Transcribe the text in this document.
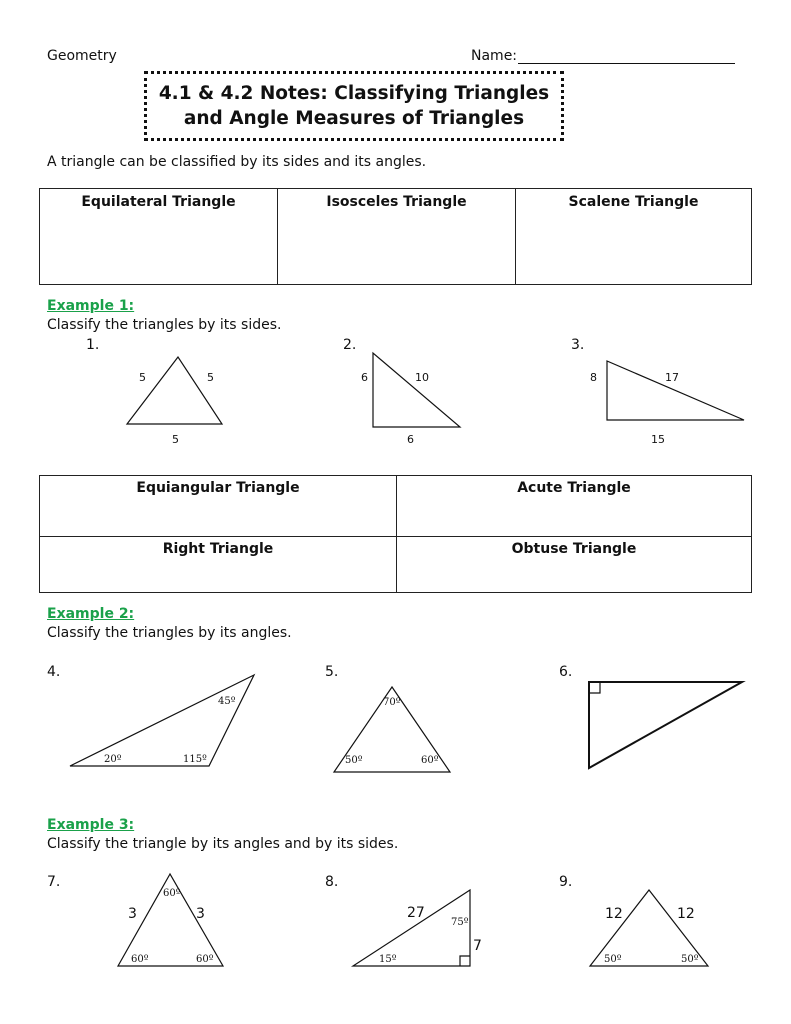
Geometry	Name:
4.1 & 4.2 Notes: Classifying Triangles
and Angle Measures of Triangles
A triangle can be classified by its sides and its angles.
Equilateral Triangle	Isosceles Triangle	Scalene Triangle
Example 1:
Classify the triangles by its sides.
1.	2.	3.
5	5
5
6	10
6
8	17
15
Equiangular Triangle	Acute Triangle
Right Triangle	Obtuse Triangle
Example 2:
Classify the triangles by its angles.
4.	5.	6.
45º
20º	115º
70º
50º	60º
Example 3:
Classify the triangle by its angles and by its sides.
7.	8.	9.
60º
3	3
60º	60º
27
75º
7
15º
12	12
50º	50º
